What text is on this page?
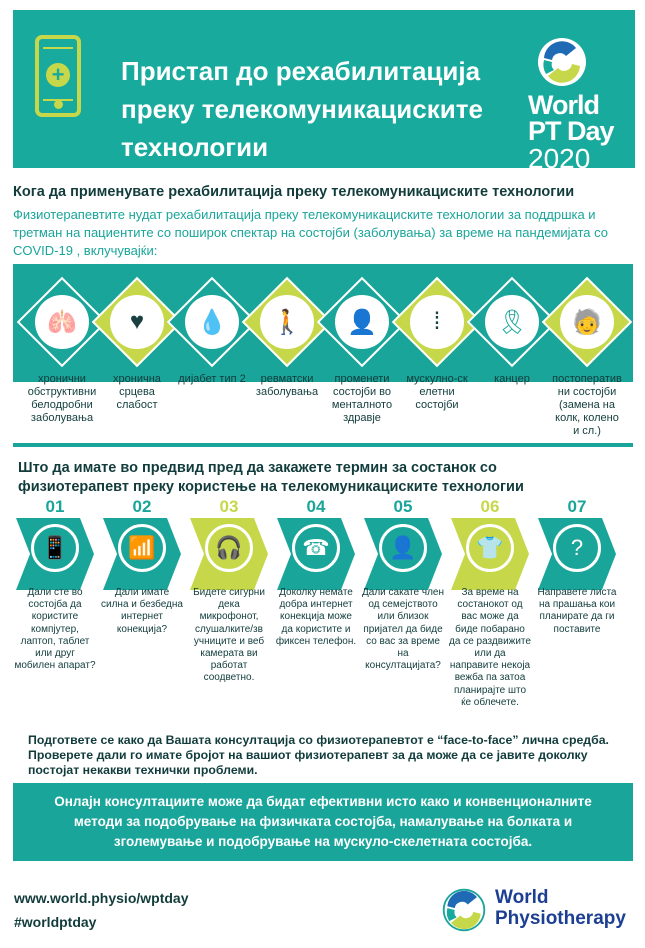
+ Пристап до рехабилитација
преку телекомуникациските
технологии
World
PT Day
2020
Кога да применувате рехабилитација преку телекомуникациските технологии
Физиотерапевтите нудат рехабилитација преку телекомуникациските технологии за поддршка и третман на пациентите со поширок спектар на состојби (заболувања) за време на пандемијата со COVID-19 , вклучувајќи:
🫁
хронични обструктивни белодробни заболувања
♥
хронична срцева слабост
💧
дијабет тип 2
🚶
ревматски заболувања
👤
променети состојби во менталното здравје
⁞
мускулно-ск елетни состојби
🎗
канцер
🧓
постоператив ни состојби (замена на колк, колено и сл.)
Што да имате во предвид пред да закажете термин за состанок со
физиотерапевт преку користење на телекомуникациските технологии
01
📱
Дали сте во состојба да користите компјутер, лаптоп, таблет или друг мобилен апарат?
02
📶
Дали имате силна и безбедна интернет конекција?
03
🎧
Бидете сигурни дека микрофонот, слушалките/зв учниците и веб камерата ви работат соодветно.
04
☎
Доколку немате добра интернет конекција може да користите и фиксен телефон.
05
👤
Дали сакате член од семејството или близок пријател да биде со вас за време на консултацијата?
06
👕
За време на состанокот од вас може да биде побарано да се раздвижите или да направите некоја вежба па затоа планирајте што ќе облечете.
07
?
Направете листа на прашања кои планирате да ги поставите
Подгответе се како да Вашата консултација со физиотерапевтот е “face-to-face” лична средба. Проверете дали го имате бројот на вашиот физиотерапевт за да може да се јавите доколку постојат некакви технички проблеми.
Онлајн консултациите може да бидат ефективни исто како и конвенционалните методи за подобрување на физичката состојба, намалување на болката и зголемување и подобрување на мускуло-скелетната состојба.
www.world.physio/wptday
#worldptday
World
Physiotherapy
